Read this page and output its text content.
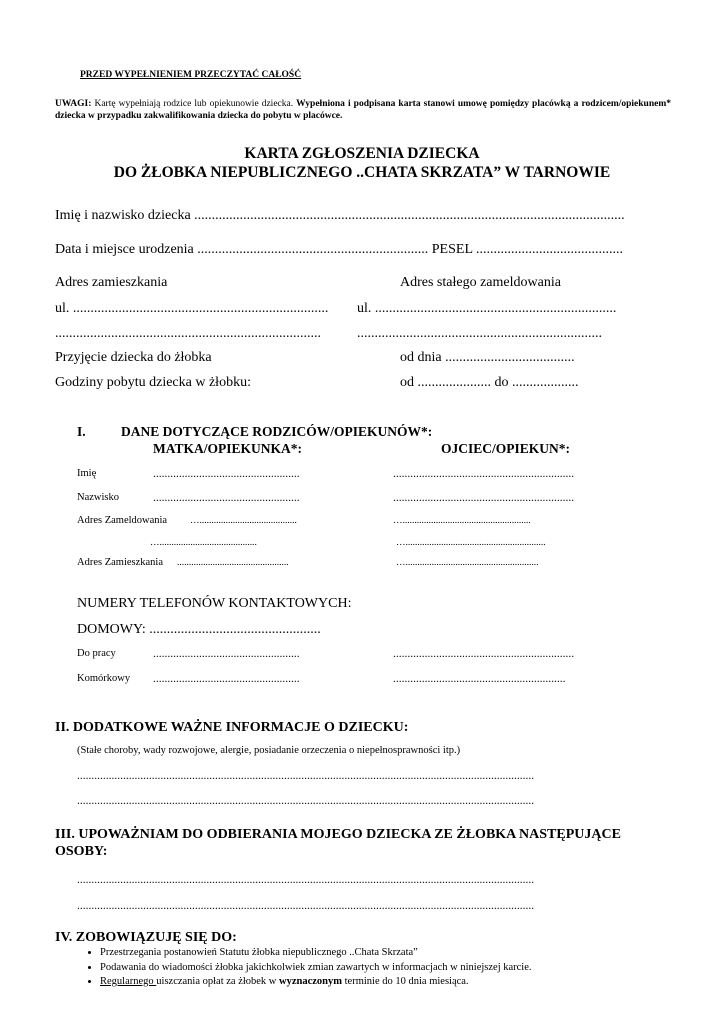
PRZED WYPEŁNIENIEM PRZECZYTAĆ CAŁOŚĆ
UWAGI: Kartę wypełniają rodzice lub opiekunowie dziecka. Wypełniona i podpisana karta stanowi umowę pomiędzy placówką a rodzicem/opiekunem* dziecka w przypadku zakwalifikowania dziecka do pobytu w placówce.
KARTA ZGŁOSZENIA DZIECKA
DO ŻŁOBKA NIEPUBLICZNEGO ..CHATA SKRZATA” W TARNOWIE
Imię i nazwisko dziecka ...........................................................................................................................
Data i miejsce urodzenia .................................................................. PESEL ..........................................
Adres zamieszkania	Adres stałego zameldowania
ul. ......................................................................... ul. .....................................................................
............................................................................	......................................................................
Przyjęcie dziecka do żłobka	od dnia .....................................
Godziny pobytu dziecka w żłobku:	od ..................... do ...................
I.	DANE DOTYCZĄCE RODZICÓW/OPIEKUNÓW*:
MATKA/OPIEKUNKA*:	OJCIEC/OPIEKUN*:
Imię	...................................................	...............................................................
Nazwisko	...................................................	...............................................................
Adres Zameldowania ….........................................	…......................................................
….........................................	…...........................................................
Adres Zamieszkania ...............................................	…........................................................
NUMERY TELEFONÓW KONTAKTOWYCH:
DOMOWY: .................................................
Do pracy	...................................................	...............................................................
Komórkowy ...................................................	............................................................
II. DODATKOWE WAŻNE INFORMACJE O DZIECKU:
(Stałe choroby, wady rozwojowe, alergie, posiadanie orzeczenia o niepełnosprawności itp.)
...............................................................................................................................................................
...............................................................................................................................................................
III. UPOWAŻNIAM DO ODBIERANIA MOJEGO DZIECKA ZE ŻŁOBKA NASTĘPUJĄCE
OSOBY:
...............................................................................................................................................................
...............................................................................................................................................................
IV. ZOBOWIĄZUJĘ SIĘ DO:
• Przestrzegania postanowień Statutu żłobka niepublicznego ..Chata Skrzata”
• Podawania do wiadomości żłobka jakichkolwiek zmian zawartych w informacjach w niniejszej karcie.
• Regularnego uiszczania opłat za żłobek w wyznaczonym terminie do 10 dnia miesiąca.
